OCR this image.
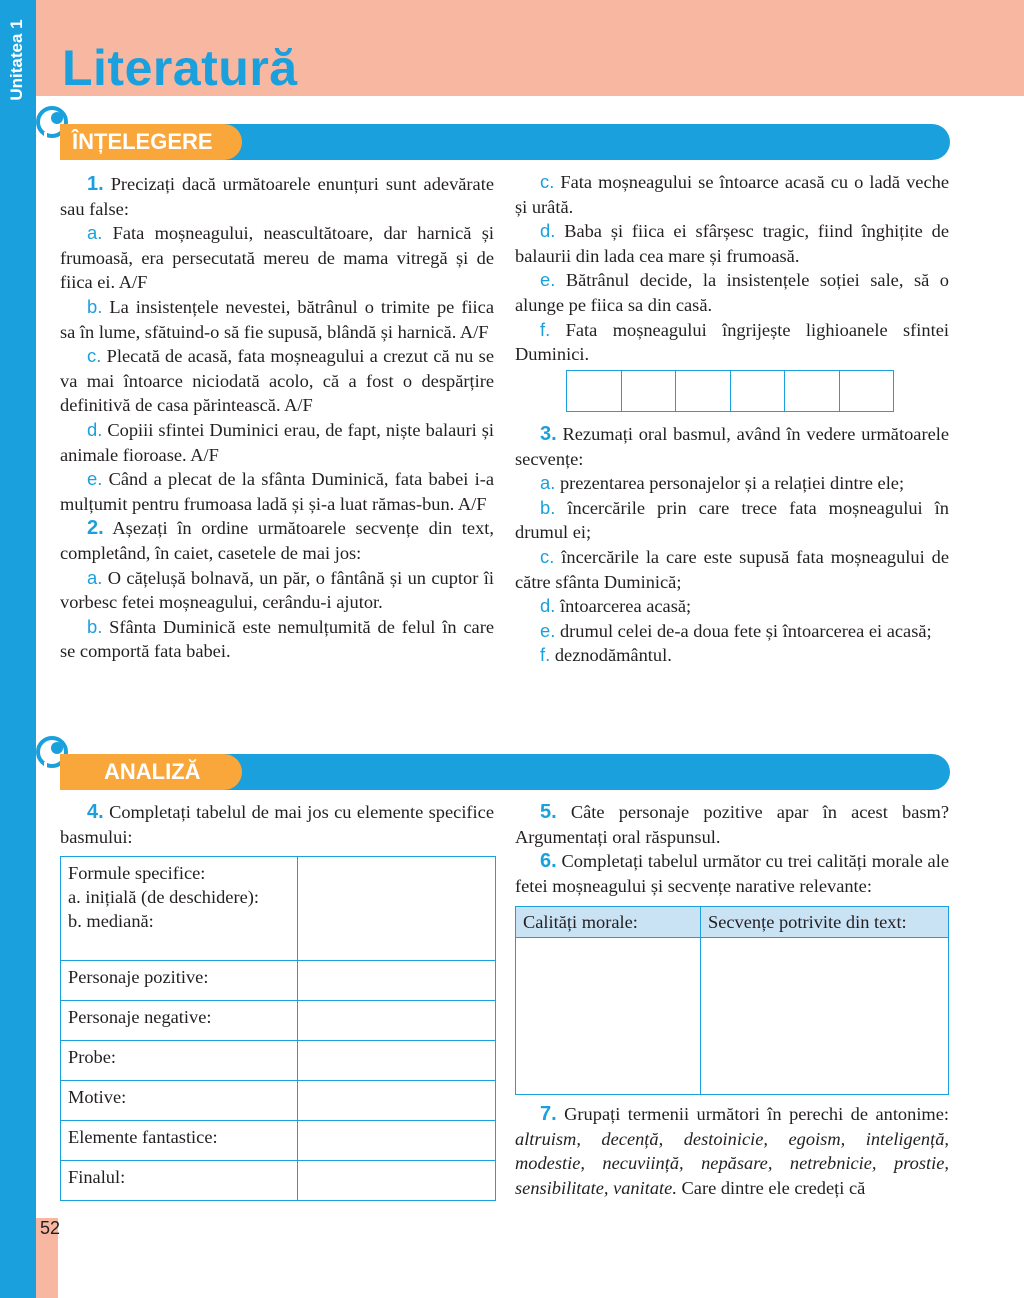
Unitatea 1 Literatură
ÎNȚELEGERE

1. Precizați dacă următoarele enunțuri sunt adevărate sau false:

a. Fata moșneagului, neascultătoare, dar harnică și frumoasă, era persecutată mereu de mama vitregă și de fiica ei. A/F

b. La insistențele nevestei, bătrânul o trimite pe fiica sa în lume, sfătuind-o să fie supusă, blândă și harnică. A/F

c. Plecată de acasă, fata moșneagului a crezut că nu se va mai întoarce niciodată acolo, că a fost o despărțire definitivă de casa părintească. A/F

d. Copiii sfintei Duminici erau, de fapt, niște balauri și animale fioroase. A/F

e. Când a plecat de la sfânta Duminică, fata babei i-a mulțumit pentru frumoasa ladă și și-a luat rămas-bun. A/F

2. Așezați în ordine următoarele secvențe din text, completând, în caiet, casetele de mai jos:

a. O cățelușă bolnavă, un păr, o fântână și un cuptor îi vorbesc fetei moșneagului, cerându-i ajutor.

b. Sfânta Duminică este nemulțumită de felul în care se comportă fata babei.

c. Fata moșneagului se întoarce acasă cu o ladă veche și urâtă.

d. Baba și fiica ei sfârșesc tragic, fiind înghițite de balaurii din lada cea mare și frumoasă.

e. Bătrânul decide, la insistențele soției sale, să o alunge pe fiica sa din casă.

f. Fata moșneagului îngrijește lighioanele sfintei Duminici.

3. Rezumați oral basmul, având în vedere următoarele secvențe:

a. prezentarea personajelor și a relației dintre ele;

b. încercările prin care trece fata moșneagului în drumul ei;

c. încercările la care este supusă fata moșneagului de către sfânta Duminică;

d. întoarcerea acasă;

e. drumul celei de-a doua fete și întoarcerea ei acasă;

f. deznodământul.

ANALIZĂ

4. Completați tabelul de mai jos cu elemente specifice basmului:

Formule specifice:
a. inițială (de deschidere):
b. mediană:	

Personaje pozitive:	
Personaje negative:	
Probe:	
Motive:	
Elemente fantastice:	
Finalul:	

5. Câte personaje pozitive apar în acest basm? Argumentați oral răspunsul.

6. Completați tabelul următor cu trei calități morale ale fetei moșneagului și secvențe narative relevante:

Calități morale:	Secvențe potrivite din text:

7. Grupați termenii următori în perechi de antonime: altruism, decență, destoinicie, egoism, inteligență, modestie, necuviință, nepăsare, netrebnicie, prostie, sensibilitate, vanitate. Care dintre ele credeți că

52
